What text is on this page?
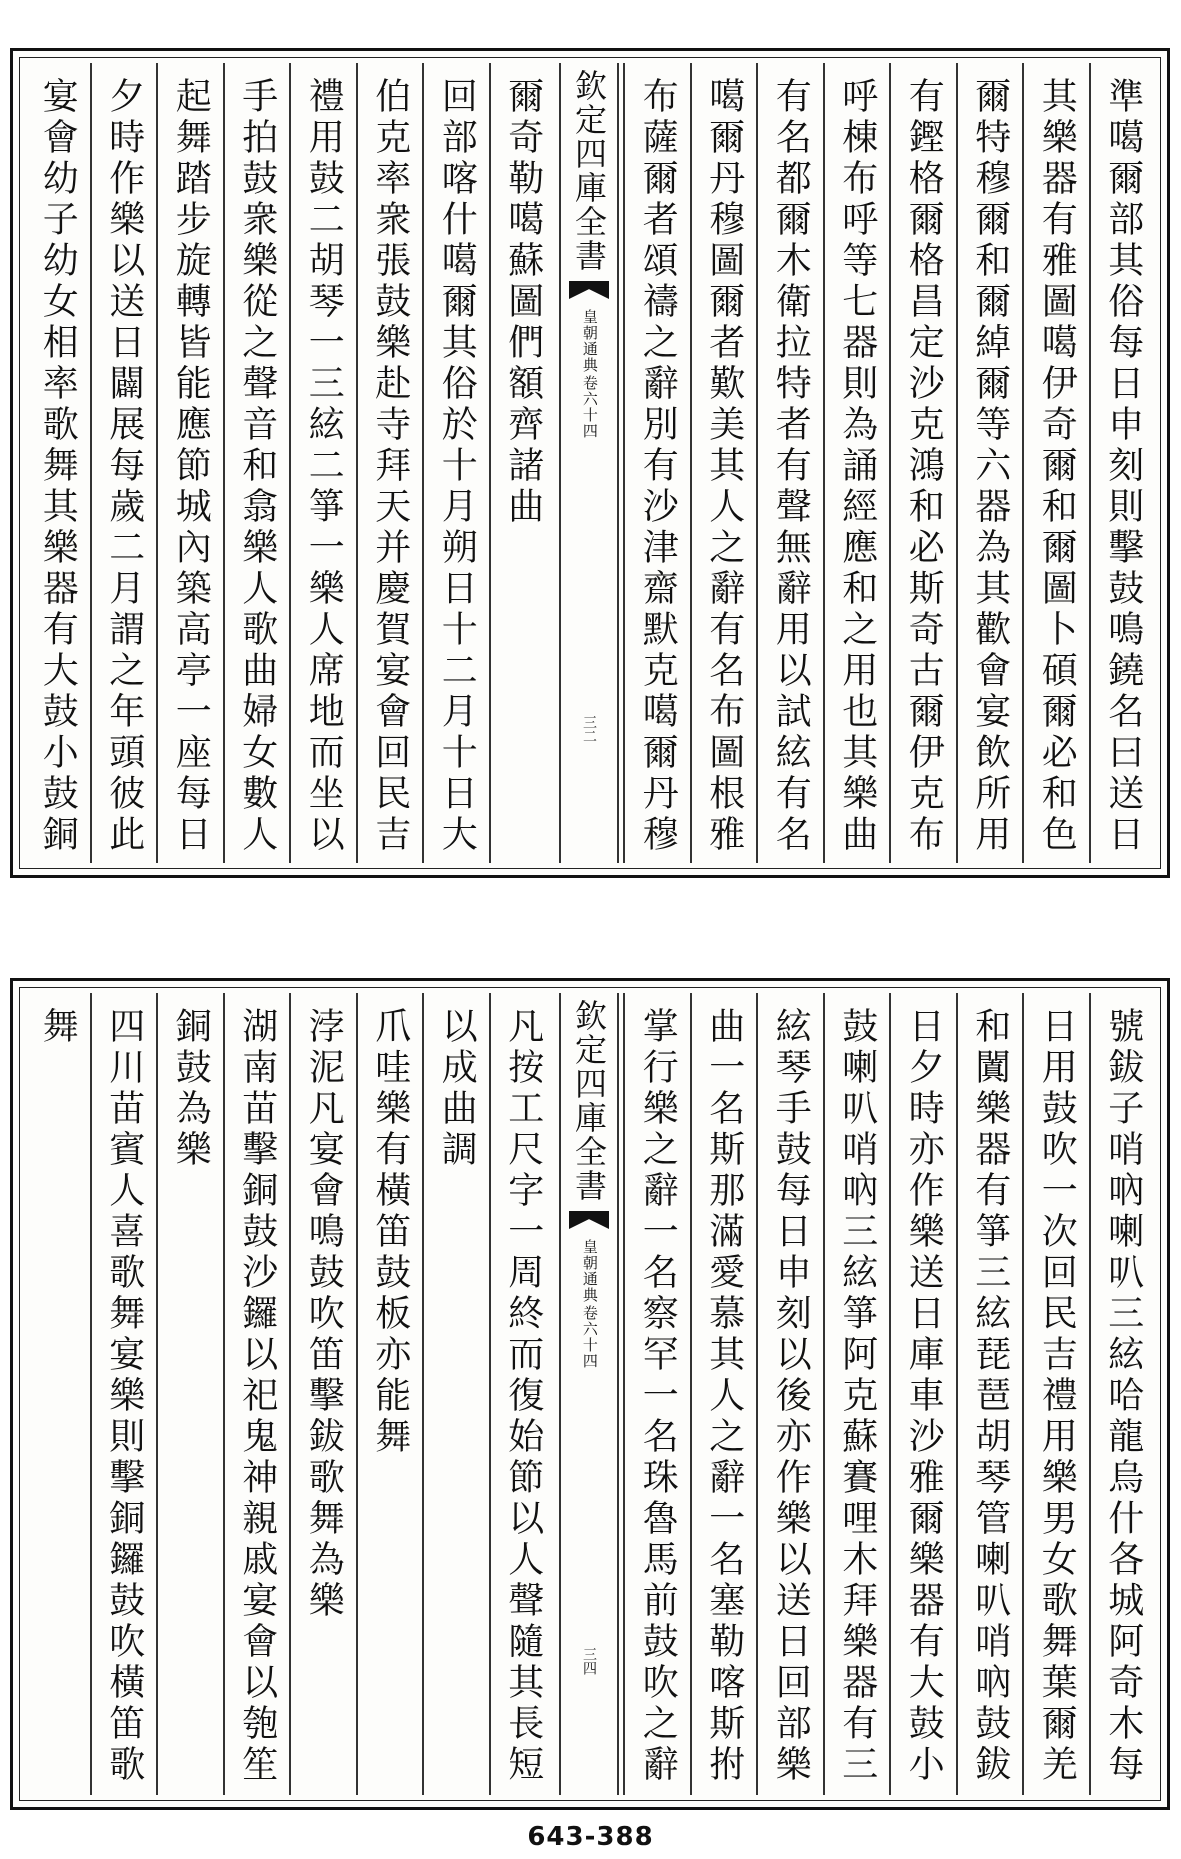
準噶爾部其俗每日申刻則擊鼓鳴鐃名曰送日
其樂器有雅圖噶伊奇爾和爾圖卜碩爾必和色
爾特穆爾和爾綽爾等六器為其歡會宴飲所用
有鏗格爾格昌定沙克鴻和必斯奇古爾伊克布
呼棟布呼等七器則為誦經應和之用也其樂曲
有名都爾木衛拉特者有聲無辭用以試絃有名
噶爾丹穆圖爾者歎美其人之辭有名布圖根雅
布薩爾者頌禱之辭別有沙津齋默克噶爾丹穆
欽定四庫全書
皇朝通典
卷六十四
三二
爾奇勒噶蘇圖們額齊諸曲
回部喀什噶爾其俗於十月朔日十二月十日大
伯克率衆張鼓樂赴寺拜天并慶賀宴會回民吉
禮用鼓二胡琴一三絃二箏一樂人席地而坐以
手拍鼓衆樂從之聲音和翕樂人歌曲婦女數人
起舞踏步旋轉皆能應節城內築高亭一座每日
夕時作樂以送日闢展每歲二月謂之年頭彼此
宴會幼子幼女相率歌舞其樂器有大鼓小鼓銅
號鈸子哨吶喇叭三絃哈龍烏什各城阿奇木每
日用鼓吹一次回民吉禮用樂男女歌舞葉爾羌
和闐樂器有箏三絃琵琶胡琴管喇叭哨吶鼓鈸
日夕時亦作樂送日庫車沙雅爾樂器有大鼓小
鼓喇叭哨吶三絃箏阿克蘇賽哩木拜樂器有三
絃琴手鼓每日申刻以後亦作樂以送日回部樂
曲一名斯那滿愛慕其人之辭一名塞勒喀斯拊
掌行樂之辭一名察罕一名珠魯馬前鼓吹之辭
欽定四庫全書
皇朝通典
卷六十四
三四
凡按工尺字一周終而復始節以人聲隨其長短
以成曲調
爪哇樂有橫笛鼓板亦能舞
浡泥凡宴會鳴鼓吹笛擊鈸歌舞為樂
湖南苗擊銅鼓沙鑼以祀鬼神親戚宴會以匏笙
銅鼓為樂
四川苗賓人喜歌舞宴樂則擊銅鑼鼓吹橫笛歌
舞
643-388
